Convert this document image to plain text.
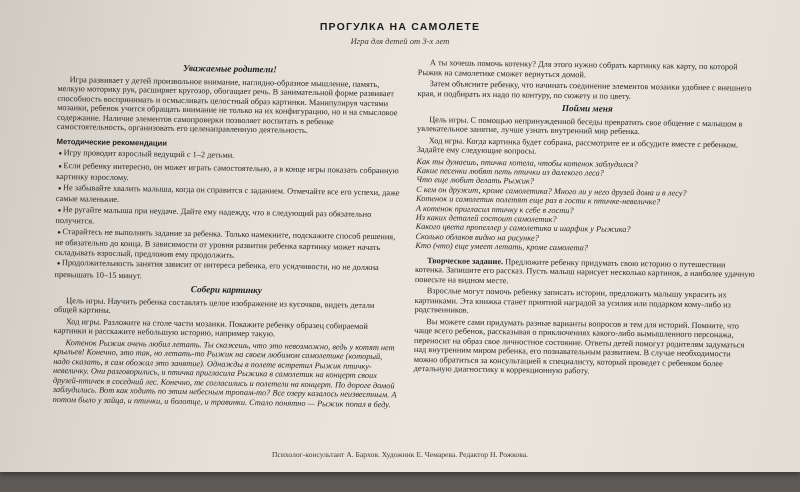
ПРОГУЛКА НА САМОЛЕТЕ
Игра для детей от 3-х лет
Уважаемые родители!

Игра развивает у детей произвольное внимание, наглядно-образное мышление, память, мелкую моторику рук, расширяет кругозор, обогащает речь. В занимательной форме развивает способность воспринимать и осмысливать целостный образ картинки. Манипулируя частями мозаики, ребенок учится обращать внимание не только на их конфигурацию, но и на смысловое содержание. Наличие элементов самопроверки позволяет воспитать в ребенке самостоятельность, организовать его целенаправленную деятельность.

Методические рекомендации
● Игру проводит взрослый ведущий с 1–2 детьми.
● Если ребенку интересно, он может играть самостоятельно, а в конце игры показать собранную картинку взрослому.
● Не забывайте хвалить малыша, когда он справится с заданием. Отмечайте все его успехи, даже самые маленькие.
● Не ругайте малыша при неудаче. Дайте ему надежду, что в следующий раз обязательно получится.
● Старайтесь не выполнять задание за ребенка. Только намекните, подскажите способ решения, не обязательно до конца. В зависимости от уровня развития ребенка картинку может начать складывать взрослый, предложив ему продолжить.
● Продолжительность занятия зависит от интереса ребенка, его усидчивости, но не должна превышать 10–15 минут.
Собери картинку

Цель игры. Научить ребенка составлять целое изображение из кусочков, видеть детали общей картины.

Ход игры. Разложите на столе части мозаики. Покажите ребенку образец собираемой картинки и расскажите небольшую историю, например такую.

Котенок Рыжик очень любил летать. Ты скажешь, что это невозможно, ведь у котят нет крыльев! Конечно, это так, но летать-то Рыжик на своем любимом самолетике (который, надо сказать, я сам обожал это занятие). Однажды в полете встретил Рыжик птичку-невеличку. Они разговорились, и птичка пригласила Рыжика в самолетик на концерт своих друзей-птичек в соседний лес. Конечно, те согласились и полетели на концерт. По дороге домой заблудились. Вот как ходить по этим небесным тропам-то? Все озеру казалось неизвестным. А потом было у зайца, и птички, и болотце, и травинки. Стало понятно — Рыжик попал в беду.

А ты хочешь помочь котенку? Для этого нужно собрать картинку как карту, по которой Рыжик на самолетике сможет вернуться домой.

Затем объясните ребенку, что начинать соединение элементов мозаики удобнее с внешнего края, и подбирать их надо по контуру, по сюжету и по цвету.

Пойми меня

Цель игры. С помощью непринужденной беседы превратить свое общение с малышом в увлекательное занятие, лучше узнать внутренний мир ребенка.

Ход игры. Когда картинка будет собрана, рассмотрите ее и обсудите вместе с ребенком. Задайте ему следующие вопросы.

Как ты думаешь, птичка хотела, чтобы котенок заблудился?
Какие песенки любят петь птички из далекого леса?
Что еще любит делать Рыжик?
С кем он дружит, кроме самолетика? Много ли у него друзей дома и в лесу?
Котенок и самолетик полетят еще раз в гости к птичке-невеличке?
А котенок пригласил птичку к себе в гости?
Из каких деталей состоит самолетик?
Какого цвета пропеллер у самолетика и шарфик у Рыжика?
Сколько облаков видно на рисунке?
Кто (что) еще умеет летать, кроме самолета?

Творческое задание. Предложите ребенку придумать свою историю о путешествии котенка. Запишите его рассказ. Пусть малыш нарисует несколько картинок, а наиболее удачную повесьте на видном месте.

Взрослые могут помочь ребенку записать истории, предложить малышу украсить их картинками. Эта книжка станет приятной наградой за усилия или подарком кому-либо из родственников.

Вы можете сами придумать разные варианты вопросов и тем для историй. Помните, что чаще всего ребенок, рассказывая о приключениях какого-либо вымышленного персонажа, переносит на образ свое личностное состояние. Ответы детей помогут родителям задуматься над внутренним миром ребенка, его познавательным развитием. В случае необходимости можно обратиться за консультацией к специалисту, который проведет с ребенком более детальную диагностику в коррекционную работу.

Психолог-консультант А. Бархов. Художник Е. Чемарева. Редактор Н. Рожкова.
